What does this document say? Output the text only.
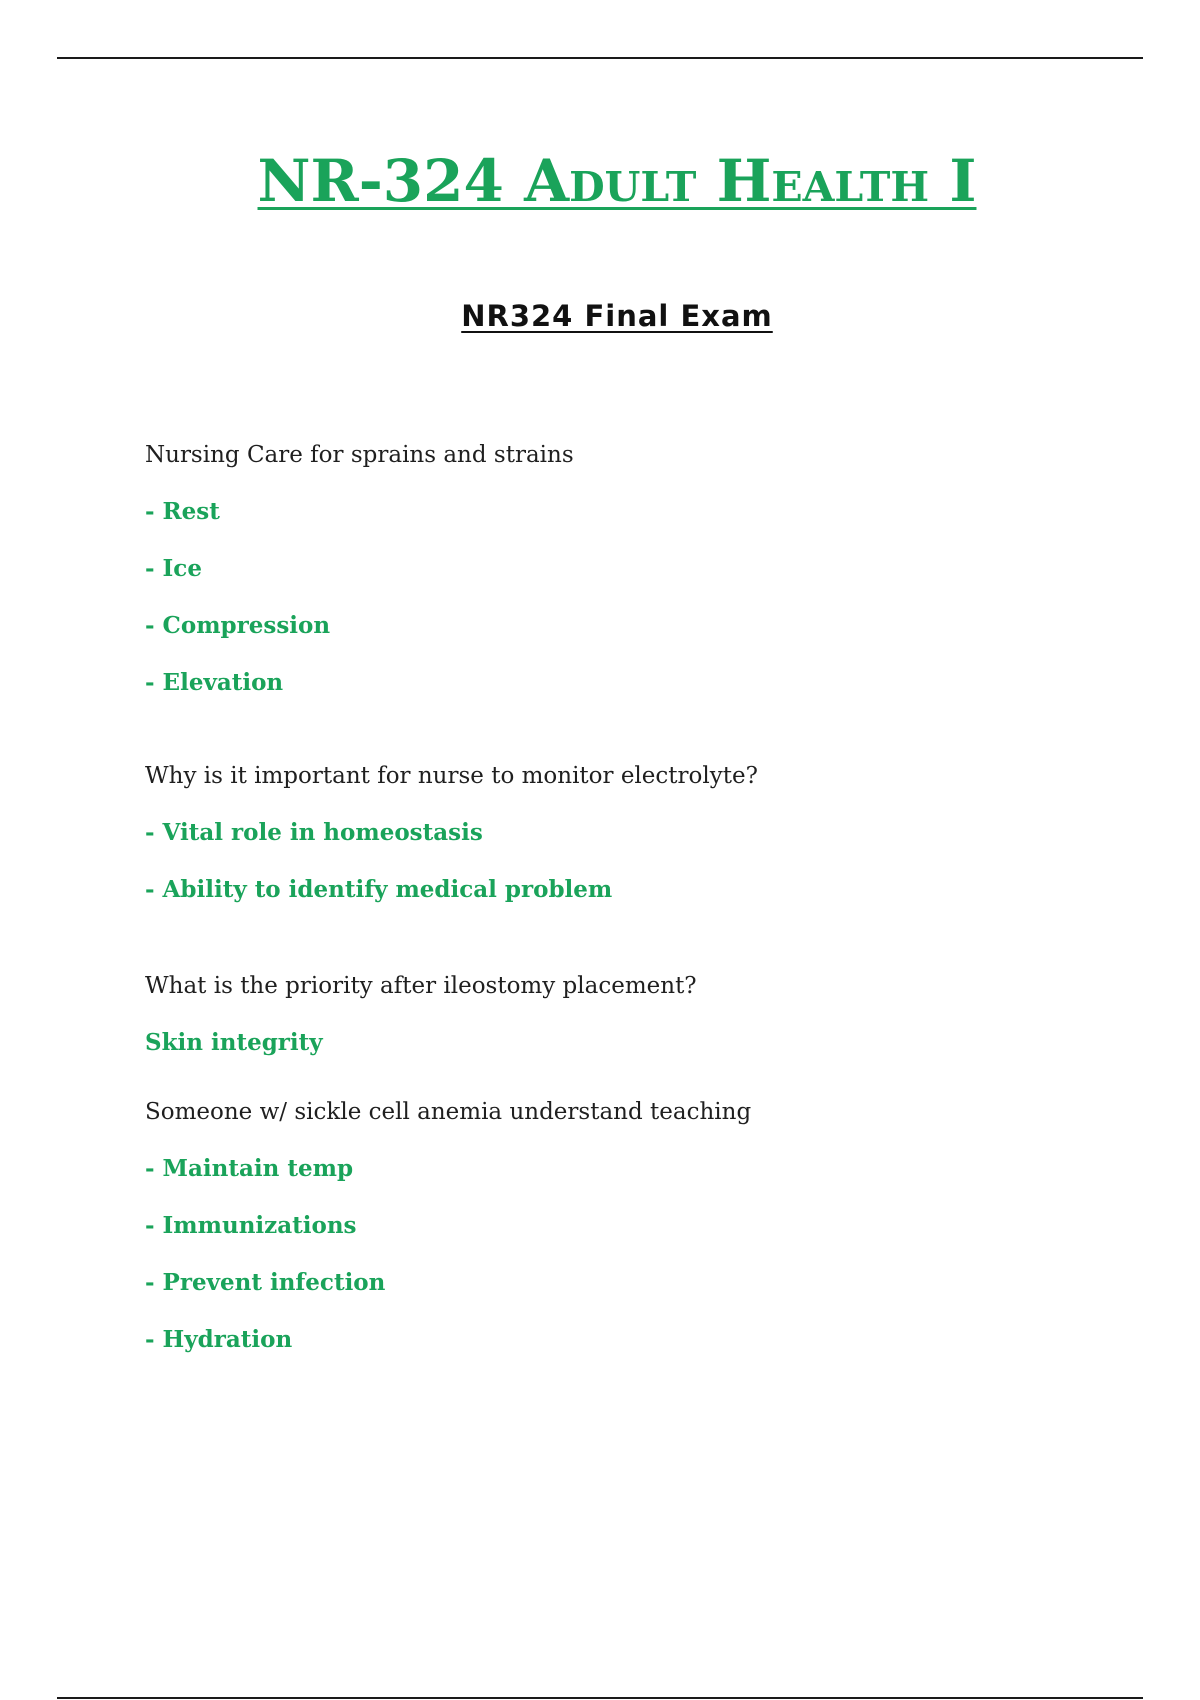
NR-324 Adult Health I
NR324 Final Exam

Nursing Care for sprains and strains

- Rest

- Ice

- Compression

- Elevation

Why is it important for nurse to monitor electrolyte?

- Vital role in homeostasis

- Ability to identify medical problem

What is the priority after ileostomy placement?

Skin integrity

Someone w/ sickle cell anemia understand teaching

- Maintain temp

- Immunizations

- Prevent infection

- Hydration
